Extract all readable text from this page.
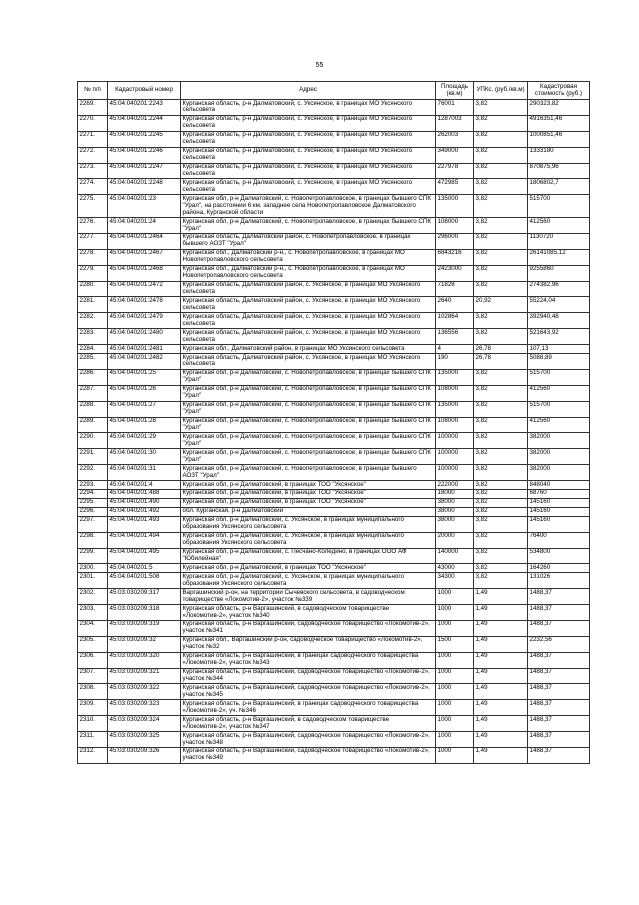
55
№ п/п	Кадастровый номер	Адрес	Площадь (кв.м)	УПКс. (руб./кв.м)	Кадастровая стоимость (руб.)
2269.	45:04:040201:2243	Курганская область, р-н Далматовский, с. Уксянское, в границах МО Уксянского сельсовета	76001	3,82	290323,82
2270.	45:04:040201:2244	Курганская область, р-н Далматовский, с. Уксянское, в границах МО Уксянского сельсовета	1287003	3,82	4916351,46
2271.	45:04:040201:2245	Курганская область, р-н Далматовский, с. Уксянское, в границах МО Уксянского сельсовета	262003	3,82	1000851,46
2272.	45:04:040201:2246	Курганская область, р-н Далматовский, с. Уксянское, в границах МО Уксянского сельсовета	349000	3,82	1333180
2273.	45:04:040201:2247	Курганская область, р-н Далматовский, с. Уксянское, в границах МО Уксянского сельсовета	227978	3,82	870875,96
2274.	45:04:040201:2248	Курганская область, р-н Далматовский, с. Уксянское, в границах МО Уксянского сельсовета	472985	3,82	1806802,7
2275.	45:04:040201:23	Курганская обл, р-н Далматовский, с. Новопетропавловское, в границах бывшего СПК "Урал", на расстоянии 6 км. западнее села Новопетропавловское Далматовского района, Курганской области	135000	3,82	515700
2276.	45:04:040201:24	Курганская обл, р-н Далматовский, с. Новопетропавловское, в границах бывшего СПК "Урал"	108000	3,82	412560
2277.	45:04:040201:2464	Курганская область, Далматовский район, с. Новопетропавловское, в границах бывшего АОЗТ "Урал"	296000	3,82	1130720
2278.	45:04:040201:2467	Курганская обл., Далматовский р-н., с. Новопетропавловское, в границах МО Новопетропавловского сельсовета	6843216	3,82	26141085,12
2279.	45:04:040201:2468	Курганская обл., Далматовский р-н., с. Новопетропавловское, в границах МО Новопетропавловского сельсовета	2423000	3,82	9255860
2280.	45:04:040201:2472	Курганская область, Далматовский район, с. Уксянское, в границах МО Уксянского сельсовета	71828	3,82	274382,96
2281.	45:04:040201:2478	Курганская область, Далматовский район, с. Уксянское, в границах МО Уксянского сельсовета	2640	20,92	55224,04
2282.	45:04:040201:2479	Курганская область, Далматовский район, с. Уксянское, в границах МО Уксянского сельсовета	102864	3,82	392940,48
2283.	45:04:040201:2480	Курганская область, Далматовский район, с. Уксянское, в границах МО Уксянского сельсовета	136556	3,82	521643,92
2284.	45:04:040201:2481	Курганская обл., Далматовский район, в границах МО Уксянского сельсовета	4	26,78	107,13
2285.	45:04:040201:2482	Курганская область, Далматовский район, с. Уксянское, в границах МО Уксянского сельсовета	190	26,78	5088,89
2286.	45:04:040201:25	Курганская обл, р-н Далматовский, с. Новопетропавловское, в границах бывшего СПК "Урал"	135000	3,82	515700
2287.	45:04:040201:26	Курганская обл, р-н Далматовский, с. Новопетропавловское, в границах бывшего СПК "Урал"	108000	3,82	412560
2288.	45:04:040201:27	Курганская обл, р-н Далматовский, с. Новопетропавловское, в границах бывшего СПК "Урал"	135000	3,82	515700
2289.	45:04:040201:28	Курганская обл, р-н Далматовский, с. Новопетропавловское, в границах бывшего СПК "Урал"	108000	3,82	412560
2290.	45:04:040201:29	Курганская обл, р-н Далматовский, с. Новопетропавловское, в границах бывшего СПК "Урал"	100000	3,82	382000
2291.	45:04:040201:30	Курганская обл, р-н Далматовский, с. Новопетропавловское, в границах бывшего СПК "Урал"	100000	3,82	382000
2292.	45:04:040201:31	Курганская обл, р-н Далматовский, с. Новопетропавловское, в границах бывшего АОЗТ "Урал"	100000	3,82	382000
2293.	45:04:040201:4	Курганская обл, р-н Далматовский, в границах ТОО "Уксянское"	222000	3,82	848040
2294.	45:04:040201:488	Курганская обл, р-н Далматовский, в границах ТОО "Уксянское"	18000	3,82	68760
2295.	45:04:040201:490	Курганская обл, р-н Далматовский, в границах ТОО "Уксянское"	38000	3,82	145160
2296.	45:04:040201:492	обл. Курганская, р-н Далматовский	38000	3,82	145160
2297.	45:04:040201:493	Курганская обл, р-н Далматовский, с. Уксянское, в границах муниципального образования Уксянского сельсовета	38000	3,82	145160
2298.	45:04:040201:494	Курганская обл, р-н Далматовский, с. Уксянское, в границах муниципального образования Уксянского сельсовета	20000	3,82	76400
2299.	45:04:040201:495	Курганская обл, р-н Далматовский, с. Песчано-Коледино, в границах ООО АФ "Юбилейная"	140000	3,82	534800
2300.	45:04:040201:5	Курганская обл, р-н Далматовский, в границах ТОО "Уксянское"	43000	3,82	164260
2301.	45:04:040201:508	Курганская обл, р-н Далматовский, с. Уксянское, в границах муниципального образования Уксянского сельсовета	34300	3,82	131026
2302.	45:03:030209:317	Варгашинский р-он, на территории Сычевского сельсовета, в садоводческом товариществе «Локомотив-2», участок №339	1000	1,49	1488,37
2303.	45:03:030209:318	Курганская область, р-н Варгашинский, в садоводческом товариществе «Локомотив-2», участок №340	1000	1,49	1488,37
2304.	45:03:030209:319	Курганская область, р-н Варгашинский, садоводческое товарищество «Локомотив-2», участок №341	1000	1,49	1488,37
2305.	45:03:030209:32	Курганская обл., Варгашинский р-он, садоводческое товарищество «Локомотив-2», участок №32	1500	1,49	2232,56
2306.	45:03:030209:320	Курганская область, р-н Варгашинский, в границах садоводческого товарищества «Локомотив-2», участок №343	1000	1,49	1488,37
2307.	45:03:030209:321	Курганская область, р-н Варгашинский, садоводческое товарищество «Локомотив-2», участок №344	1000	1,49	1488,37
2308.	45:03:030209:322	Курганская область, р-н Варгашинский, садоводческое товарищество «Локомотив-2», участок №345	1000	1,49	1488,37
2309.	45:03:030209:323	Курганская область, р-н Варгашинский, в границах садоводческого товарищества «Локомотив-2», уч. №346	1000	1,49	1488,37
2310.	45:03:030209:324	Курганская область, р-н Варгашинский, в садоводческом товариществе «Локомотив-2», участок №347	1000	1,49	1488,37
2311.	45:03:030209:325	Курганская область, р-н Варгашинский, садоводческое товарищество «Локомотив-2», участок №348	1000	1,49	1488,37
2312.	45:03:030209:326	Курганская область, р-н Варгашинский, садоводческое товарищество «Локомотив-2», участок №349	1000	1,49	1488,37
